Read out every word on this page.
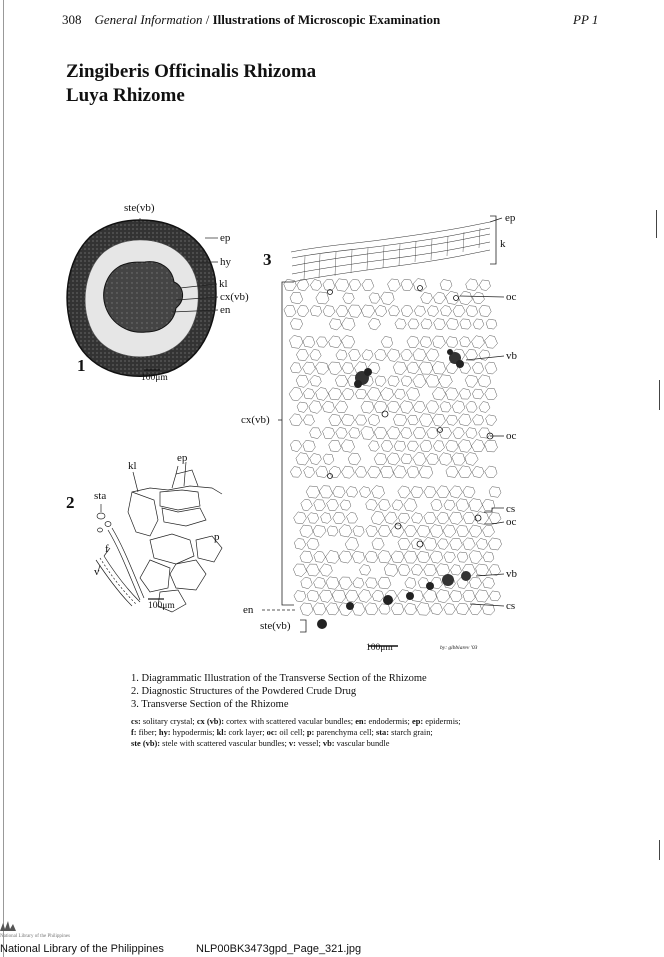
308 General Information / Illustrations of Microscopic Examination	PP 1
Zingiberis Officinalis Rhizoma
Luya Rhizome
ste(vb)
ep
hy
kl
cx(vb)
en
1
100μm
kl
ep
sta
p
f
v
2
100μm
3
ep
k
oc
vb
cx(vb)
oc
cs
oc
vb
cs
en
ste(vb)
100μm	by: gibbiarev '03
1. Diagrammatic Illustration of the Transverse Section of the Rhizome
2. Diagnostic Structures of the Powdered Crude Drug
3. Transverse Section of the Rhizome
cs: solitary crystal; cx (vb): cortex with scattered vacular bundles; en: endodermis; ep: epidermis;
f: fiber; hy: hypodermis; kl: cork layer; oc: oil cell; p: parenchyma cell; sta: starch grain;
ste (vb): stele with scattered vascular bundles; v: vessel; vb: vascular bundle
National Library of the Philippines
National Library of the Philippines	NLP00BK3473gpd_Page_321.jpg
